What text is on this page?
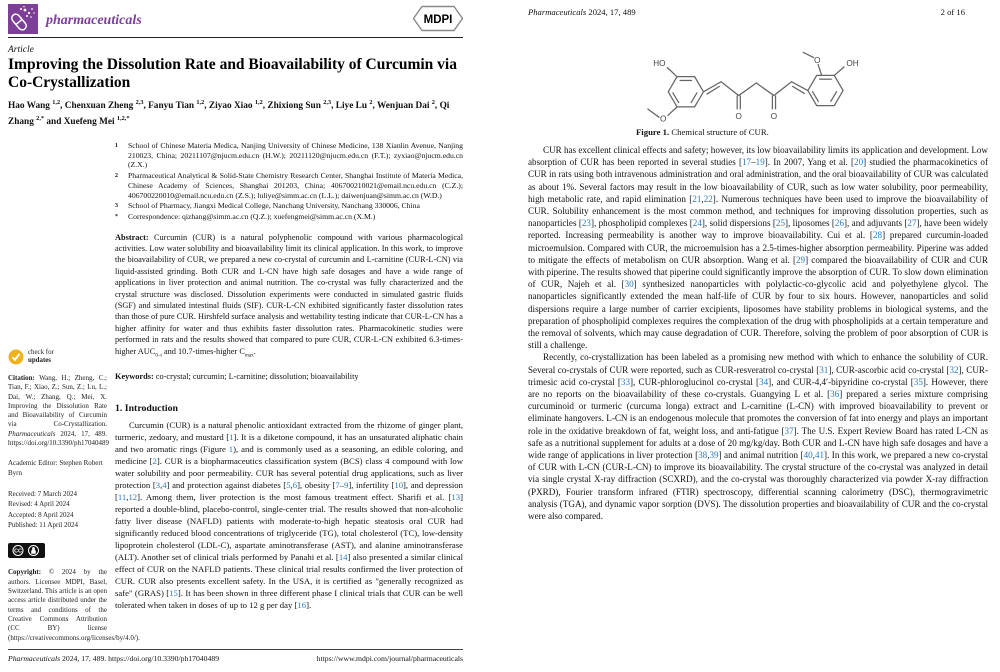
pharmaceuticals	MDPI
Article
Improving the Dissolution Rate and Bioavailability of Curcumin via Co-Crystallization
Hao Wang $^{1,2}$, Chenxuan Zheng $^{2,3}$, Fanyu Tian $^{1,2}$, Ziyao Xiao $^{1,2}$, Zhixiong Sun $^{2,3}$, Liye Lu $^2$, Wenjuan Dai $^2$, Qi Zhang $^{2,*}$ and Xuefeng Mei $^{1,2,*}$
check for
updates
Citation: Wang, H.; Zheng, C.; Tian, F.; Xiao, Z.; Sun, Z.; Lu, L.; Dai, W.; Zhang, Q.; Mei, X. Improving the Dissolution Rate and Bioavailability of Curcumin via Co-Crystallization. Pharmaceuticals 2024, 17, 489. https://doi.org/10.3390/ph17040489
Academic Editor: Stephen Robert Byrn
Received: 7 March 2024
Revised: 4 April 2024
Accepted: 8 April 2024
Published: 11 April 2024
CC
Copyright: © 2024 by the authors. Licensee MDPI, Basel, Switzerland. This article is an open access article distributed under the terms and conditions of the Creative Commons Attribution (CC BY) license (https://creativecommons.org/licenses/by/4.0/).
1	School of Chinese Materia Medica, Nanjing University of Chinese Medicine, 138 Xianlin Avenue, Nanjing 210023, China; 20211107@njucm.edu.cn (H.W.); 20211120@njucm.edu.cn (F.T.); zyxiao@njucm.edu.cn (Z.X.)
2	Pharmaceutical Analytical & Solid-State Chemistry Research Center, Shanghai Institute of Materia Medica, Chinese Academy of Sciences, Shanghai 201203, China; 406700210021@email.ncu.edu.cn (C.Z.); 406700220010@email.ncu.edu.cn (Z.S.); luliye@simm.ac.cn (L.L.); daiwenjuan@simm.ac.cn (W.D.)
3	School of Pharmacy, Jiangxi Medical College, Nanchang University, Nanchang 330006, China
*	Correspondence: qizhang@simm.ac.cn (Q.Z.); xuefengmei@simm.ac.cn (X.M.)
Abstract: Curcumin (CUR) is a natural polyphenolic compound with various pharmacological activities. Low water solubility and bioavailability limit its clinical application. In this work, to improve the bioavailability of CUR, we prepared a new co-crystal of curcumin and L-carnitine (CUR-L-CN) via liquid-assisted grinding. Both CUR and L-CN have high safe dosages and have a wide range of applications in liver protection and animal nutrition. The co-crystal was fully characterized and the crystal structure was disclosed. Dissolution experiments were conducted in simulated gastric fluids (SGF) and simulated intestinal fluids (SIF). CUR-L-CN exhibited significantly faster dissolution rates than those of pure CUR. Hirshfeld surface analysis and wettability testing indicate that CUR-L-CN has a higher affinity for water and thus exhibits faster dissolution rates. Pharmacokinetic studies were performed in rats and the results showed that compared to pure CUR, CUR-L-CN exhibited 6.3-times-higher $AUC_{0-t}$ and 10.7-times-higher $C_{max}$.
Keywords: co-crystal; curcumin; L-carnitine; dissolution; bioavailability
1. Introduction
Curcumin (CUR) is a natural phenolic antioxidant extracted from the rhizome of ginger plant, turmeric, zedoary, and mustard [1]. It is a diketone compound, it has an unsaturated aliphatic chain and two aromatic rings (Figure 1), and is commonly used as a seasoning, an edible coloring, and medicine [2]. CUR is a biopharmaceutics classification system (BCS) class 4 compound with low water solubility and poor permeability. CUR has several potential drug applications, such as liver protection [3,4] and protection against diabetes [5,6], obesity [7–9], infertility [10], and depression [11,12]. Among them, liver protection is the most famous treatment effect. Sharifi et al. [13] reported a double-blind, placebo-control, single-center trial. The results showed that non-alcoholic fatty liver disease (NAFLD) patients with moderate-to-high hepatic steatosis oral CUR had significantly reduced blood concentrations of triglyceride (TG), total cholesterol (TC), low-density lipoprotein cholesterol (LDL-C), aspartate aminotransferase (AST), and alanine aminotransferase (ALT). Another set of clinical trials performed by Panahi et al. [14] also presented a similar clinical effect of CUR on the NAFLD patients. These clinical trial results confirmed the liver protection of CUR. CUR also presents excellent safety. In the USA, it is certified as "generally recognized as safe" (GRAS) [15]. It has been shown in three different phase I clinical trials that CUR can be well tolerated when taken in doses of up to 12 g per day [16].
Pharmaceuticals 2024, 17, 489. https://doi.org/10.3390/ph17040489	https://www.mdpi.com/journal/pharmaceuticals
Pharmaceuticals 2024, 17, 489	2 of 16
HO
O	O	O
O	OH
Figure 1. Chemical structure of CUR.

CUR has excellent clinical effects and safety; however, its low bioavailability limits its application and development. Low absorption of CUR has been reported in several studies [17–19]. In 2007, Yang et al. [20] studied the pharmacokinetics of CUR in rats using both intravenous administration and oral administration, and the oral bioavailability of CUR was calculated as about 1%. Several factors may result in the low bioavailability of CUR, such as low water solubility, poor permeability, high metabolic rate, and rapid elimination [21,22]. Numerous techniques have been used to improve the bioavailability of CUR. Solubility enhancement is the most common method, and techniques for improving dissolution properties, such as nanoparticles [23], phospholipid complexes [24], solid dispersions [25], liposomes [26], and adjuvants [27], have been widely reported. Increasing permeability is another way to improve bioavailability. Cui et al. [28] prepared curcumin-loaded microemulsion. Compared with CUR, the microemulsion has a 2.5-times-higher absorption permeability. Piperine was added to mitigate the effects of metabolism on CUR absorption. Wang et al. [29] compared the bioavailability of CUR and CUR with piperine. The results showed that piperine could significantly improve the absorption of CUR. To slow down elimination of CUR, Najeh et al. [30] synthesized nanoparticles with polylactic-co-glycolic acid and polyethylene glycol. The nanoparticles significantly extended the mean half-life of CUR by four to six hours. However, nanoparticles and solid dispersions require a large number of carrier excipients, liposomes have stability problems in biological systems, and the preparation of phospholipid complexes requires the complexation of the drug with phospholipids at a certain temperature and the removal of solvents, which may cause degradation of CUR. Therefore, solving the problem of poor absorption of CUR is still a challenge.

Recently, co-crystallization has been labeled as a promising new method with which to enhance the solubility of CUR. Several co-crystals of CUR were reported, such as CUR-resveratrol co-crystal [31], CUR-ascorbic acid co-crystal [32], CUR-trimesic acid co-crystal [33], CUR-phloroglucinol co-crystal [34], and CUR-4,4′-bipyridine co-crystal [35]. However, there are no reports on the bioavailability of these co-crystals. Guangying L et al. [36] prepared a series mixture comprising curcuminoid or turmeric (curcuma longa) extract and L-carnitine (L-CN) with improved bioavailability to prevent or eliminate hangovers. L-CN is an endogenous molecule that promotes the conversion of fat into energy and plays an important role in the oxidative breakdown of fat, weight loss, and anti-fatigue [37]. The U.S. Expert Review Board has rated L-CN as safe as a nutritional supplement for adults at a dose of 20 mg/kg/day. Both CUR and L-CN have high safe dosages and have a wide range of applications in liver protection [38,39] and animal nutrition [40,41]. In this work, we prepared a new co-crystal of CUR with L-CN (CUR-L-CN) to improve its bioavailability. The crystal structure of the co-crystal was analyzed in detail via single crystal X-ray diffraction (SCXRD), and the co-crystal was thoroughly characterized via powder X-ray diffraction (PXRD), Fourier transform infrared (FTIR) spectroscopy, differential scanning calorimetry (DSC), thermogravimetric analysis (TGA), and dynamic vapor sorption (DVS). The dissolution properties and bioavailability of CUR and the co-crystal were also compared.
